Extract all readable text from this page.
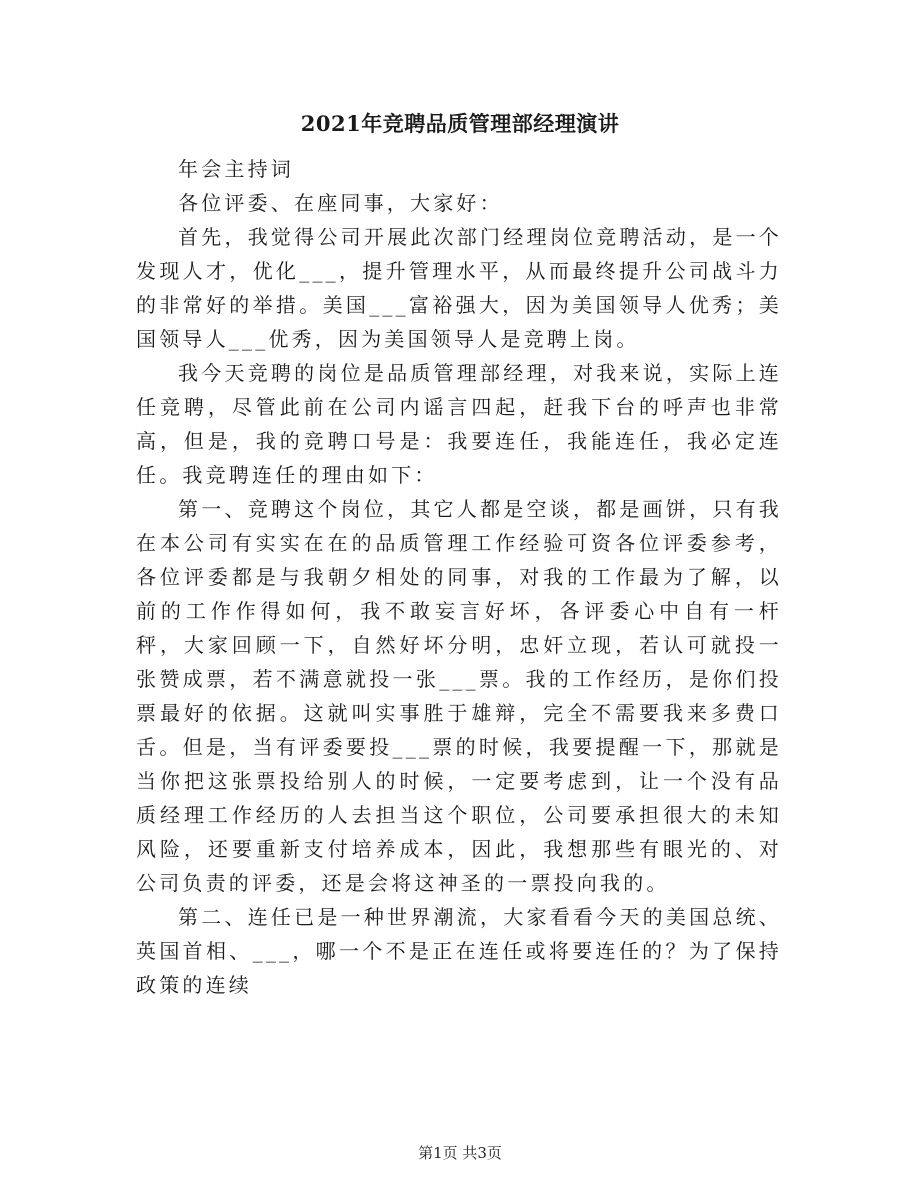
2021年竞聘品质管理部经理演讲

年会主持词

各位评委、在座同事，大家好：

首先，我觉得公司开展此次部门经理岗位竞聘活动，是一个发现人才，优化___，提升管理水平，从而最终提升公司战斗力的非常好的举措。美国___富裕强大，因为美国领导人优秀；美国领导人___优秀，因为美国领导人是竞聘上岗。

我今天竞聘的岗位是品质管理部经理，对我来说，实际上连任竞聘，尽管此前在公司内谣言四起，赶我下台的呼声也非常高，但是，我的竞聘口号是：我要连任，我能连任，我必定连任。我竞聘连任的理由如下：

第一、竞聘这个岗位，其它人都是空谈，都是画饼，只有我在本公司有实实在在的品质管理工作经验可资各位评委参考，各位评委都是与我朝夕相处的同事，对我的工作最为了解，以前的工作作得如何，我不敢妄言好坏，各评委心中自有一杆秤，大家回顾一下，自然好坏分明，忠奸立现，若认可就投一张赞成票，若不满意就投一张___票。我的工作经历，是你们投票最好的依据。这就叫实事胜于雄辩，完全不需要我来多费口舌。但是，当有评委要投___票的时候，我要提醒一下，那就是当你把这张票投给别人的时候，一定要考虑到，让一个没有品质经理工作经历的人去担当这个职位，公司要承担很大的未知风险，还要重新支付培养成本，因此，我想那些有眼光的、对公司负责的评委，还是会将这神圣的一票投向我的。

第二、连任已是一种世界潮流，大家看看今天的美国总统、英国首相、___，哪一个不是正在连任或将要连任的？为了保持政策的连续

第1页 共3页
